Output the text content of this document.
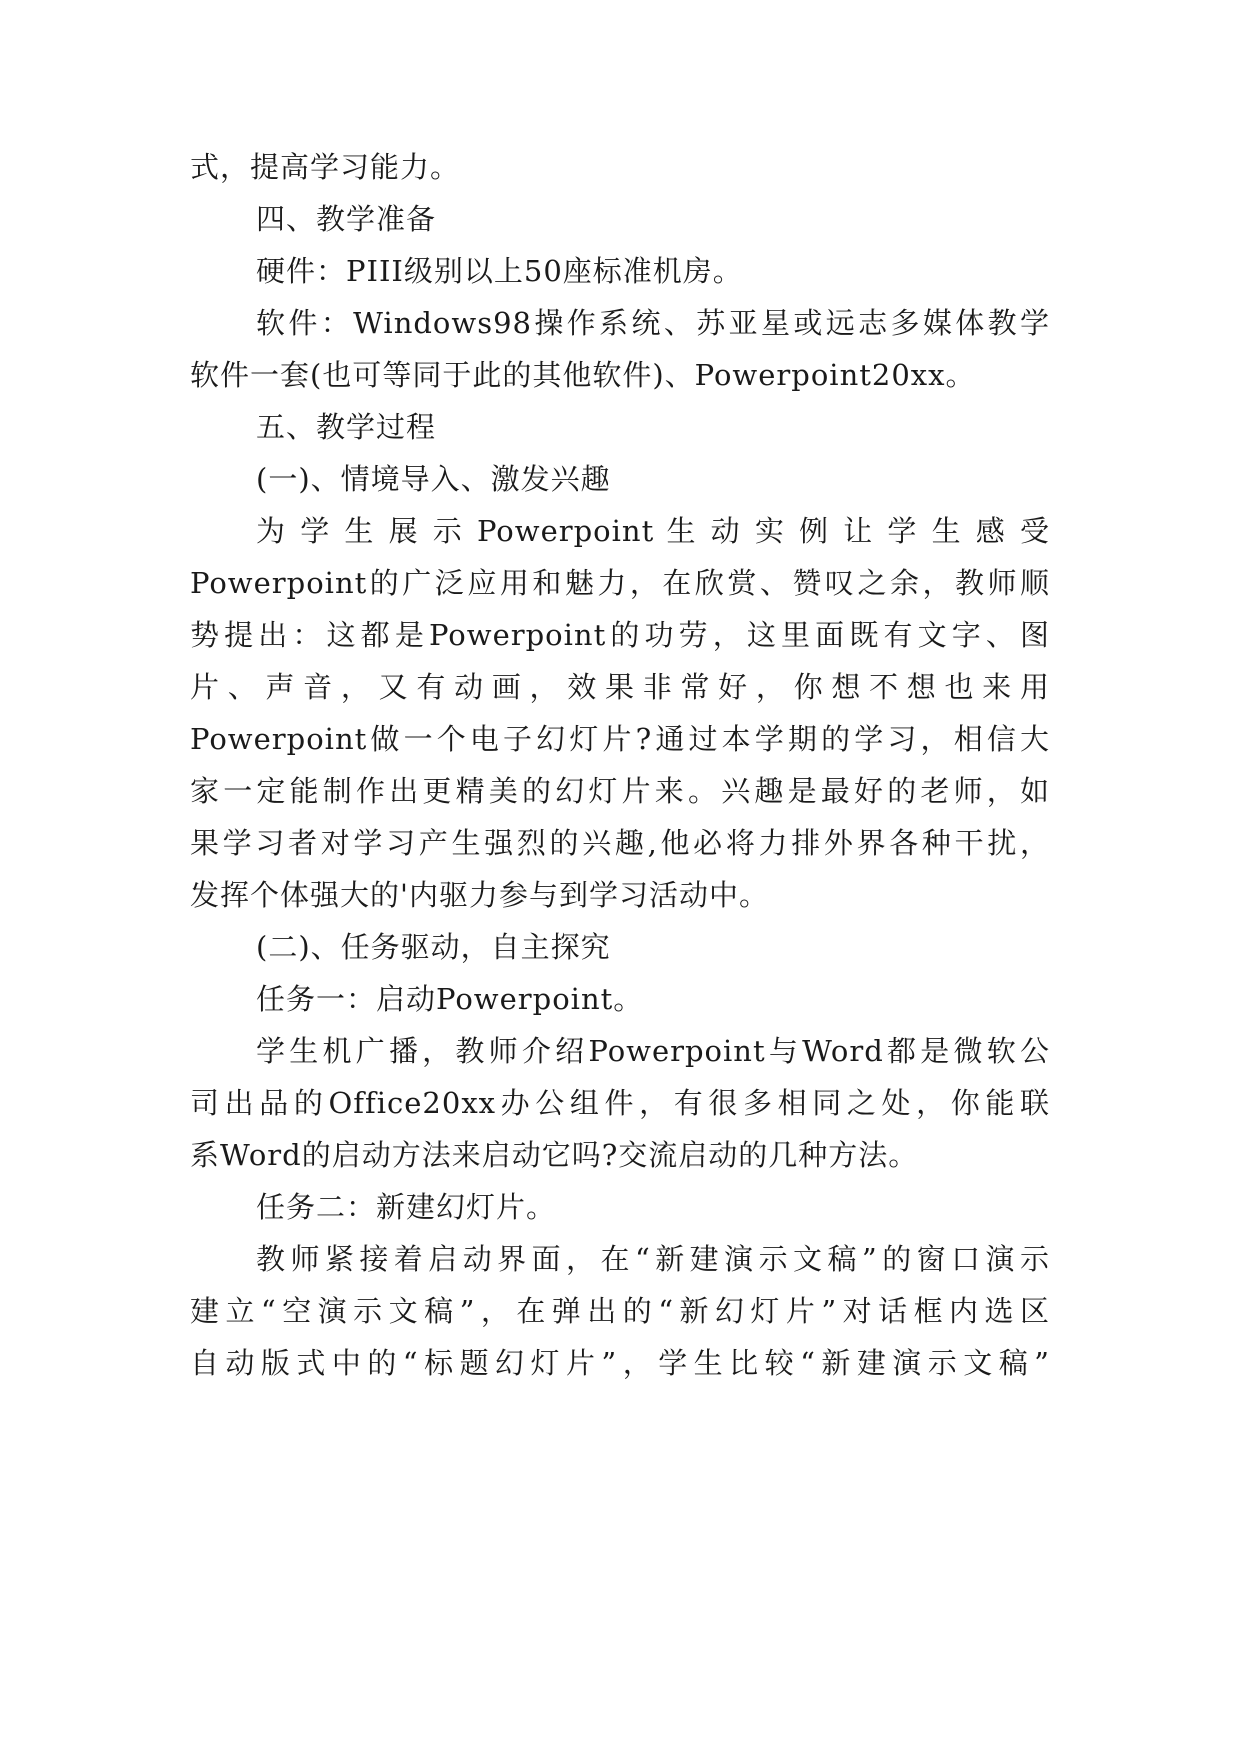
式，提高学习能力。

四、教学准备

硬件：PIII级别以上50座标准机房。

软件：Windows98操作系统、苏亚星或远志多媒体教学

软件一套(也可等同于此的其他软件)、Powerpoint20xx。

五、教学过程

(一)、情境导入、激发兴趣

为 学 生 展 示 Powerpoint 生 动 实 例 让 学 生 感 受

Powerpoint的广泛应用和魅力，在欣赏、赞叹之余，教师顺

势提出：这都是Powerpoint的功劳，这里面既有文字、图

片、声音，又有动画，效果非常好，你想不想也来用

Powerpoint做一个电子幻灯片?通过本学期的学习，相信大

家一定能制作出更精美的幻灯片来。兴趣是最好的老师，如

果学习者对学习产生强烈的兴趣,他必将力排外界各种干扰，

发挥个体强大的'内驱力参与到学习活动中。

(二)、任务驱动，自主探究

任务一：启动Powerpoint。

学生机广播，教师介绍Powerpoint与Word都是微软公

司出品的Office20xx办公组件，有很多相同之处，你能联

系Word的启动方法来启动它吗?交流启动的几种方法。

任务二：新建幻灯片。

教师紧接着启动界面，在“新建演示文稿”的窗口演示

建立“空演示文稿”，在弹出的“新幻灯片”对话框内选区

自动版式中的“标题幻灯片”，学生比较“新建演示文稿”
